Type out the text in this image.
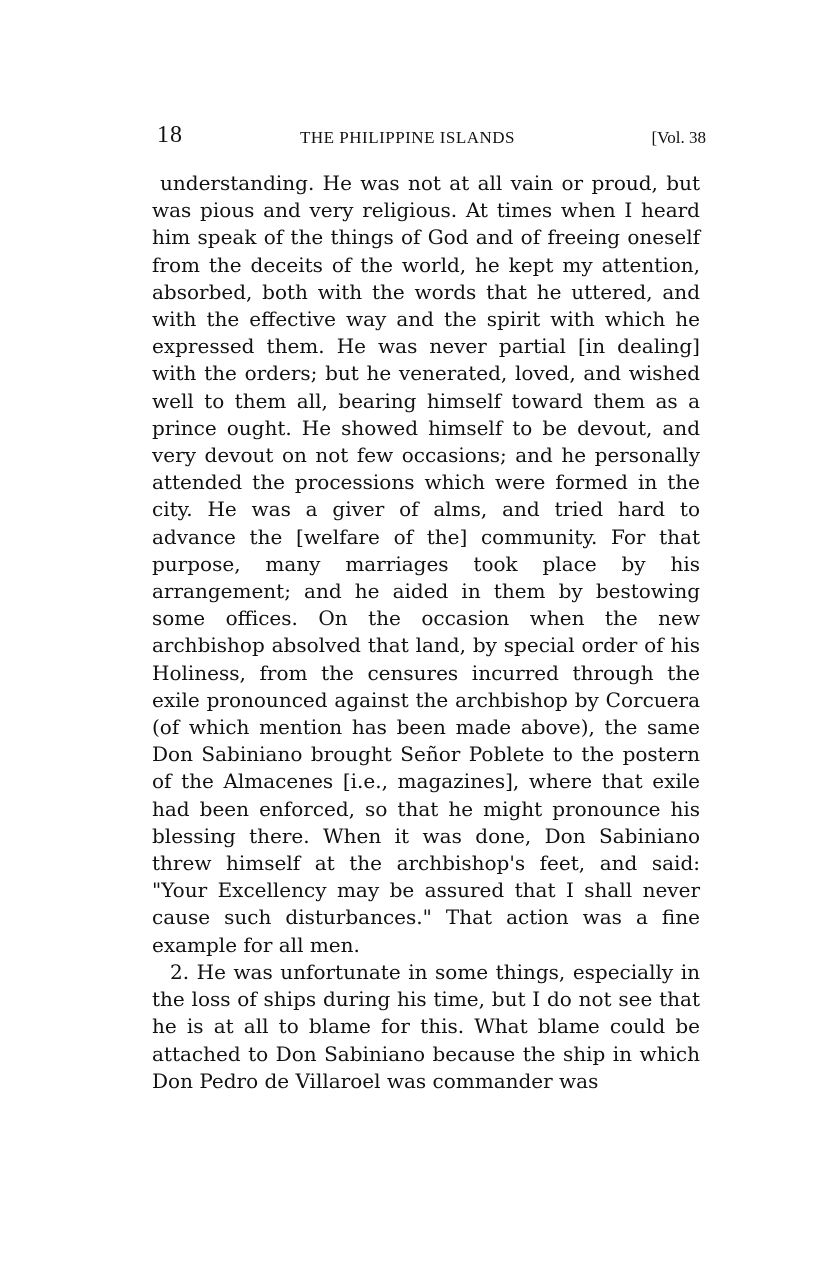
18	THE PHILIPPINE ISLANDS	[Vol. 38

understanding. He was not at all vain or proud, but was pious and very religious. At times when I heard him speak of the things of God and of freeing oneself from the deceits of the world, he kept my attention, absorbed, both with the words that he uttered, and with the effective way and the spirit with which he expressed them. He was never partial [in dealing] with the orders; but he venerated, loved, and wished well to them all, bearing himself toward them as a prince ought. He showed himself to be devout, and very devout on not few occasions; and he personally attended the processions which were formed in the city. He was a giver of alms, and tried hard to advance the [welfare of the] community. For that purpose, many marriages took place by his arrangement; and he aided in them by bestowing some offices. On the occasion when the new archbishop absolved that land, by special order of his Holiness, from the censures incurred through the exile pronounced against the archbishop by Corcuera (of which mention has been made above), the same Don Sabiniano brought Señor Poblete to the postern of the Almacenes [i.e., magazines], where that exile had been enforced, so that he might pronounce his blessing there. When it was done, Don Sabiniano threw himself at the archbishop's feet, and said: "Your Excellency may be assured that I shall never cause such disturbances." That action was a fine example for all men.

2. He was unfortunate in some things, especially in the loss of ships during his time, but I do not see that he is at all to blame for this. What blame could be attached to Don Sabiniano because the ship in which Don Pedro de Villaroel was commander was
